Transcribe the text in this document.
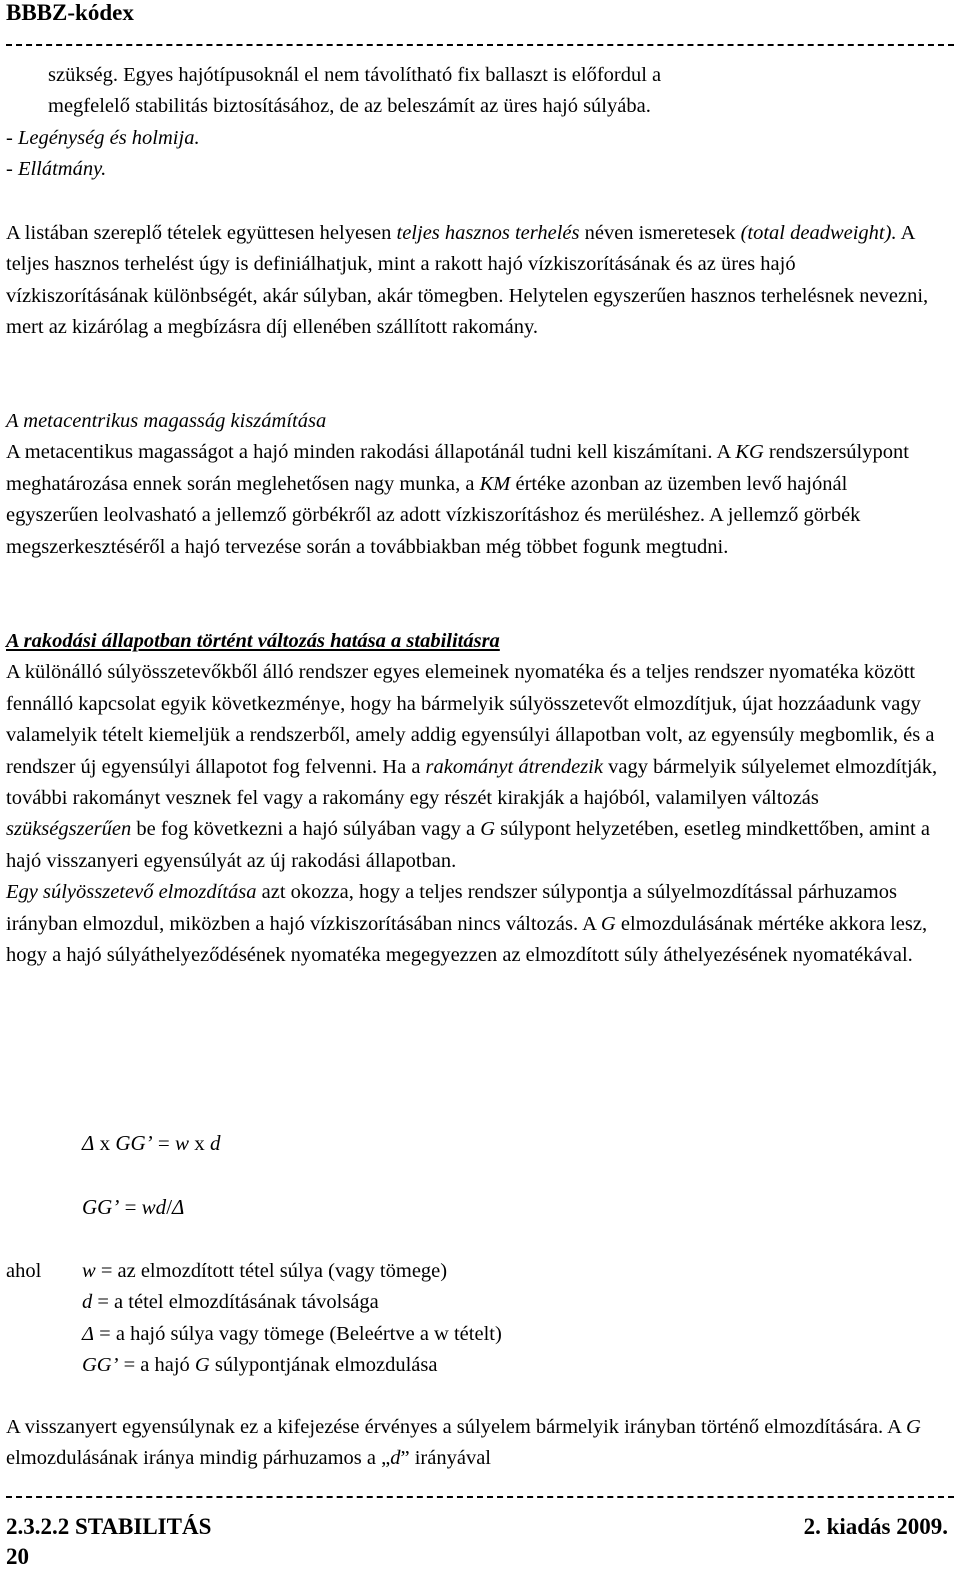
BBBZ-kódex

szükség. Egyes hajótípusoknál el nem távolítható fix ballaszt is előfordul a

megfelelő stabilitás biztosításához, de az beleszámít az üres hajó súlyába.

- Legénység és holmija.

- Ellátmány.

A listában szereplő tételek együttesen helyesen teljes hasznos terhelés néven ismeretesek (total deadweight). A teljes hasznos terhelést úgy is definiálhatjuk, mint a rakott hajó vízkiszorításának és az üres hajó vízkiszorításának különbségét, akár súlyban, akár tömegben. Helytelen egyszerűen hasznos terhelésnek nevezni, mert az kizárólag a megbízásra díj ellenében szállított rakomány.

A metacentrikus magasság kiszámítása

A metacentikus magasságot a hajó minden rakodási állapotánál tudni kell kiszámítani. A KG rendszersúlypont meghatározása ennek során meglehetősen nagy munka, a KM értéke azonban az üzemben levő hajónál egyszerűen leolvasható a jellemző görbékről az adott vízkiszorításhoz és merüléshez. A jellemző görbék megszerkesztéséről a hajó tervezése során a továbbiakban még többet fogunk megtudni.

A rakodási állapotban történt változás hatása a stabilitásra

A különálló súlyösszetevőkből álló rendszer egyes elemeinek nyomatéka és a teljes rendszer nyomatéka között fennálló kapcsolat egyik következménye, hogy ha bármelyik súlyösszetevőt elmozdítjuk, újat hozzáadunk vagy valamelyik tételt kiemeljük a rendszerből, amely addig egyensúlyi állapotban volt, az egyensúly megbomlik, és a rendszer új egyensúlyi állapotot fog felvenni. Ha a rakományt átrendezik vagy bármelyik súlyelemet elmozdítják, további rakományt vesznek fel vagy a rakomány egy részét kirakják a hajóból, valamilyen változás szükségszerűen be fog következni a hajó súlyában vagy a G súlypont helyzetében, esetleg mindkettőben, amint a hajó visszanyeri egyensúlyát az új rakodási állapotban.

Egy súlyösszetevő elmozdítása azt okozza, hogy a teljes rendszer súlypontja a súlyelmozdítással párhuzamos irányban elmozdul, miközben a hajó vízkiszorításában nincs változás. A G elmozdulásának mértéke akkora lesz, hogy a hajó súlyáthelyeződésének nyomatéka megegyezzen az elmozdított súly áthelyezésének nyomatékával.

Δ x GG’ = w x d
GG’ = wd/Δ
ahol w = az elmozdított tétel súlya (vagy tömege)
d = a tétel elmozdításának távolsága
Δ = a hajó súlya vagy tömege (Beleértve a w tételt)
GG’ = a hajó G súlypontjának elmozdulása

A visszanyert egyensúlynak ez a kifejezése érvényes a súlyelem bármelyik irányban történő elmozdítására. A G elmozdulásának iránya mindig párhuzamos a „d” irányával

2.3.2.2 STABILITÁS	2. kiadás 2009.
20
